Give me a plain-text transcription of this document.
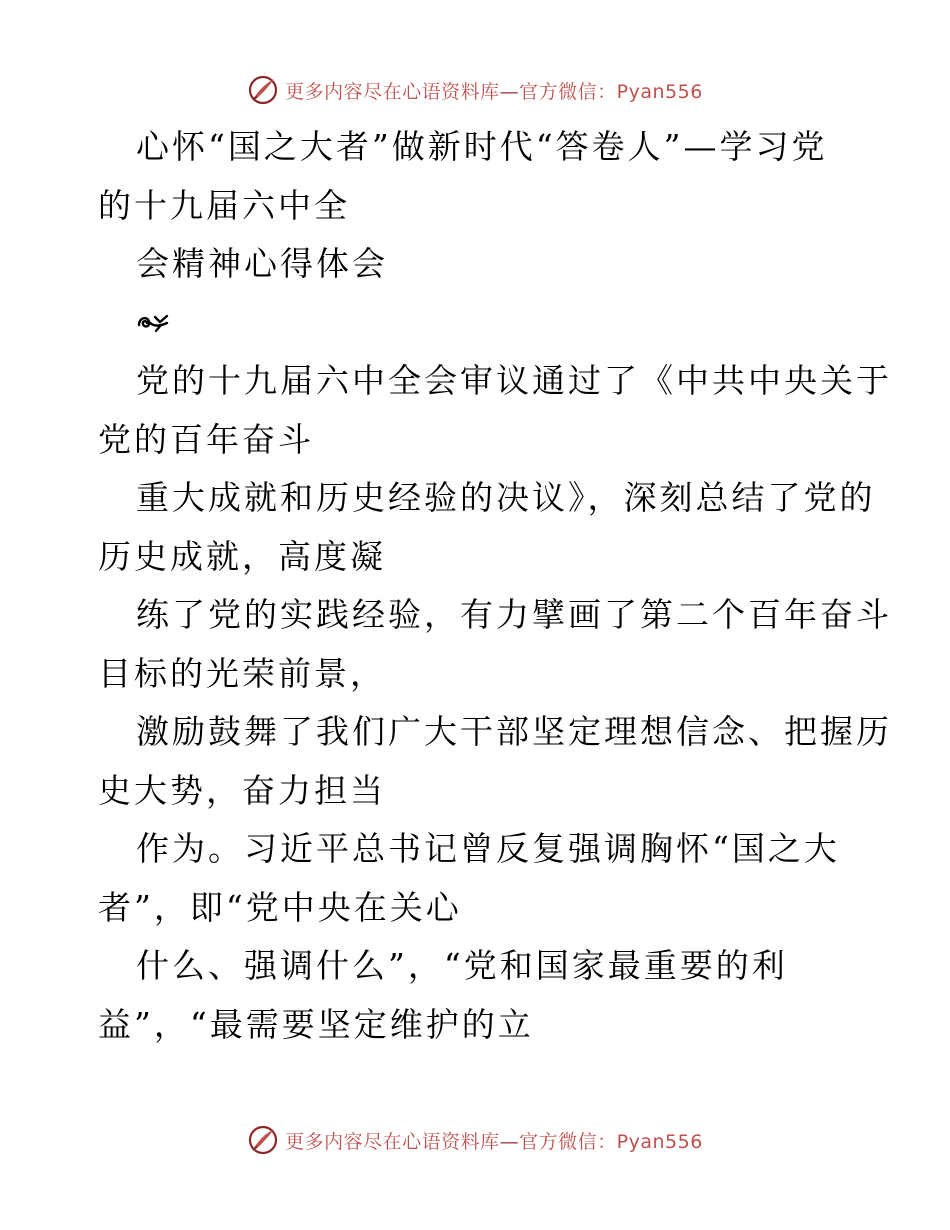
更多内容尽在心语资料库—官方微信：Pyan556
心怀“国之大者”做新时代“答卷人”—学习党
的十九届六中全
会精神心得体会
党的十九届六中全会审议通过了《中共中央关于
党的百年奋斗
重大成就和历史经验的决议》，深刻总结了党的
历史成就，高度凝
练了党的实践经验，有力擘画了第二个百年奋斗
目标的光荣前景，
激励鼓舞了我们广大干部坚定理想信念、把握历
史大势，奋力担当
作为。习近平总书记曾反复强调胸怀“国之大
者”，即“党中央在关心
什么、强调什么”，“党和国家最重要的利
益”，“最需要坚定维护的立
更多内容尽在心语资料库—官方微信：Pyan556
